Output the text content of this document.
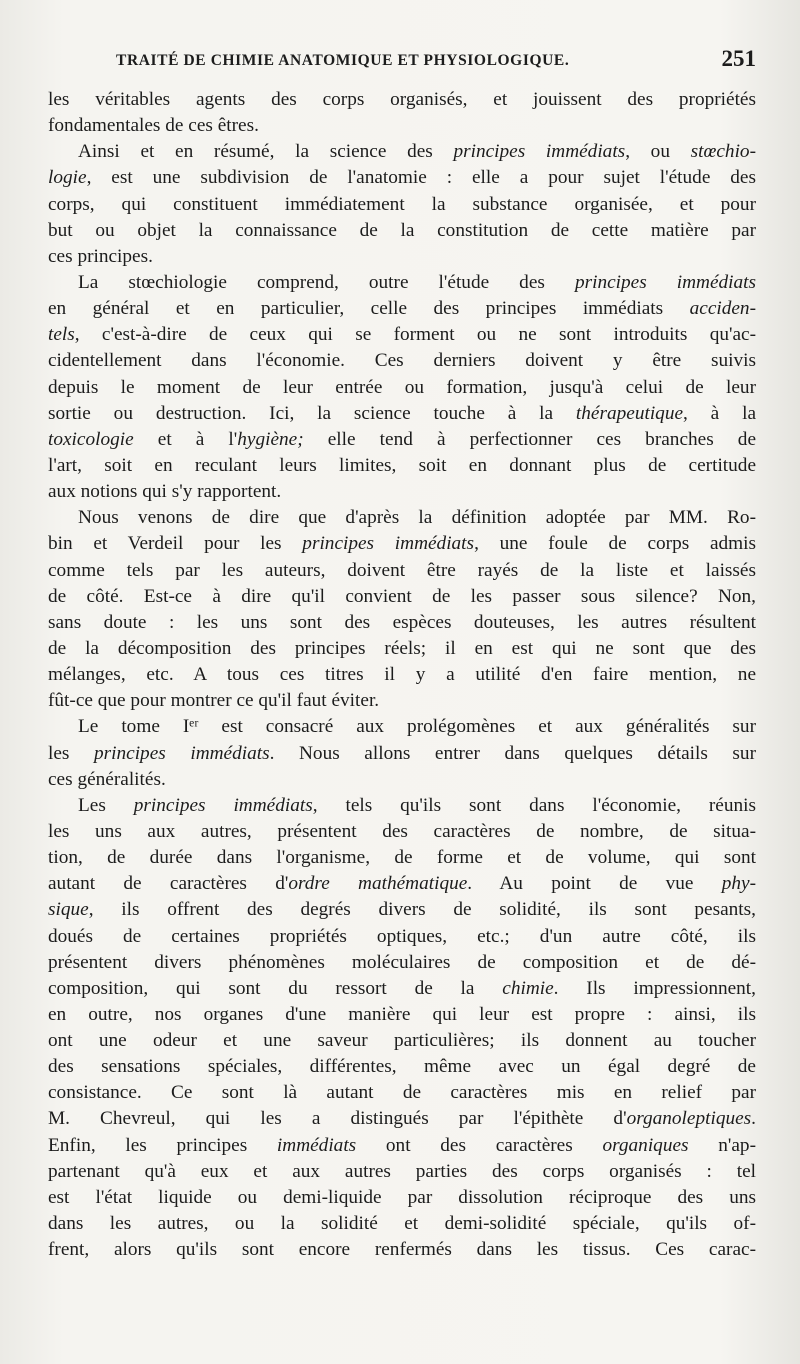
TRAITÉ DE CHIMIE ANATOMIQUE ET PHYSIOLOGIQUE.	251
les véritables agents des corps organisés, et jouissent des propriétés
fondamentales de ces êtres.
Ainsi et en résumé, la science des principes immédiats, ou stœchio-
logie, est une subdivision de l'anatomie : elle a pour sujet l'étude des
corps, qui constituent immédiatement la substance organisée, et pour
but ou objet la connaissance de la constitution de cette matière par
ces principes.
La stœchiologie comprend, outre l'étude des principes immédiats
en général et en particulier, celle des principes immédiats acciden-
tels, c'est-à-dire de ceux qui se forment ou ne sont introduits qu'ac-
cidentellement dans l'économie. Ces derniers doivent y être suivis
depuis le moment de leur entrée ou formation, jusqu'à celui de leur
sortie ou destruction. Ici, la science touche à la thérapeutique, à la
toxicologie et à l'hygiène; elle tend à perfectionner ces branches de
l'art, soit en reculant leurs limites, soit en donnant plus de certitude
aux notions qui s'y rapportent.
Nous venons de dire que d'après la définition adoptée par MM. Ro-
bin et Verdeil pour les principes immédiats, une foule de corps admis
comme tels par les auteurs, doivent être rayés de la liste et laissés
de côté. Est-ce à dire qu'il convient de les passer sous silence? Non,
sans doute : les uns sont des espèces douteuses, les autres résultent
de la décomposition des principes réels; il en est qui ne sont que des
mélanges, etc. A tous ces titres il y a utilité d'en faire mention, ne
fût-ce que pour montrer ce qu'il faut éviter.
Le tome Iᵉʳ est consacré aux prolégomènes et aux généralités sur
les principes immédiats. Nous allons entrer dans quelques détails sur
ces généralités.
Les principes immédiats, tels qu'ils sont dans l'économie, réunis
les uns aux autres, présentent des caractères de nombre, de situa-
tion, de durée dans l'organisme, de forme et de volume, qui sont
autant de caractères d'ordre mathématique. Au point de vue phy-
sique, ils offrent des degrés divers de solidité, ils sont pesants,
doués de certaines propriétés optiques, etc.; d'un autre côté, ils
présentent divers phénomènes moléculaires de composition et de dé-
composition, qui sont du ressort de la chimie. Ils impressionnent,
en outre, nos organes d'une manière qui leur est propre : ainsi, ils
ont une odeur et une saveur particulières; ils donnent au toucher
des sensations spéciales, différentes, même avec un égal degré de
consistance. Ce sont là autant de caractères mis en relief par
M. Chevreul, qui les a distingués par l'épithète d'organoleptiques.
Enfin, les principes immédiats ont des caractères organiques n'ap-
partenant qu'à eux et aux autres parties des corps organisés : tel
est l'état liquide ou demi-liquide par dissolution réciproque des uns
dans les autres, ou la solidité et demi-solidité spéciale, qu'ils of-
frent, alors qu'ils sont encore renfermés dans les tissus. Ces carac-
